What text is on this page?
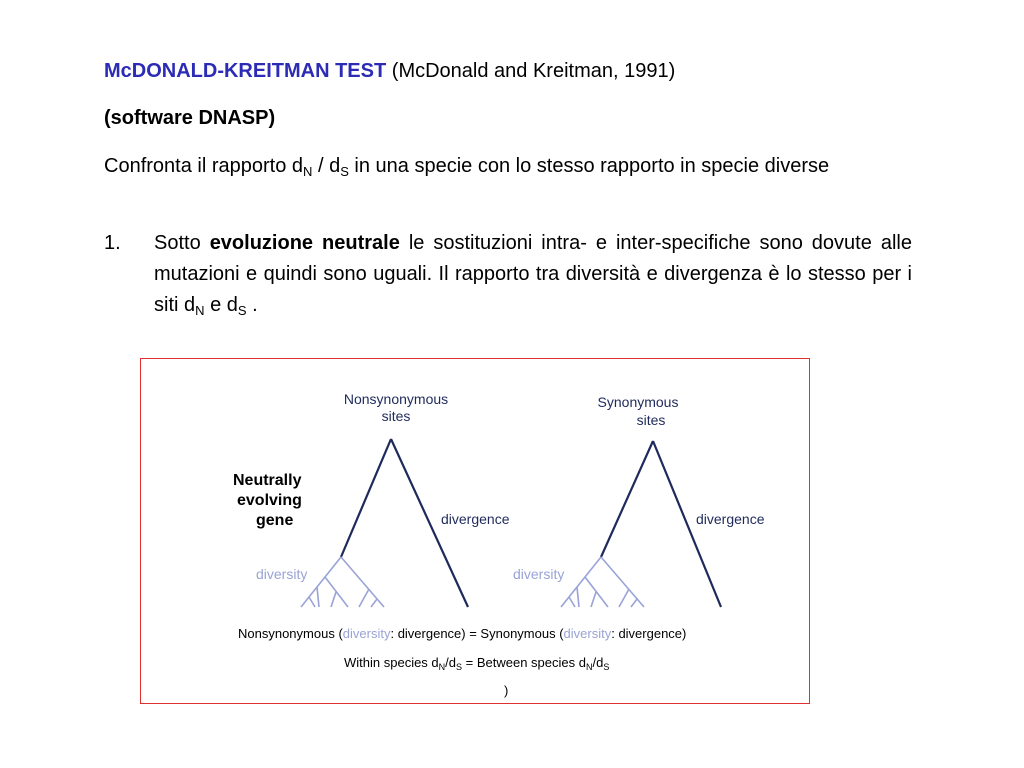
McDONALD-KREITMAN TEST (McDonald and Kreitman, 1991)
(software DNASP)
Confronta il rapporto $d_N / d_S$ in una specie con lo stesso rapporto in specie diverse
1. Sotto evoluzione neutrale le sostituzioni intra- e inter-specifiche sono dovute alle mutazioni e quindi sono uguali. Il rapporto tra diversità e divergenza è lo stesso per i siti $d_N$ e $d_S$ .
Nonsynonymous
sites
divergence
diversity
Neutrally
evolving
gene
Synonymous
sites
divergence
diversity
Nonsynonymous (diversity: divergence) = Synonymous (diversity: divergence)
Within species $d_N/d_S$ = Between species $d_N/d_S$
)
